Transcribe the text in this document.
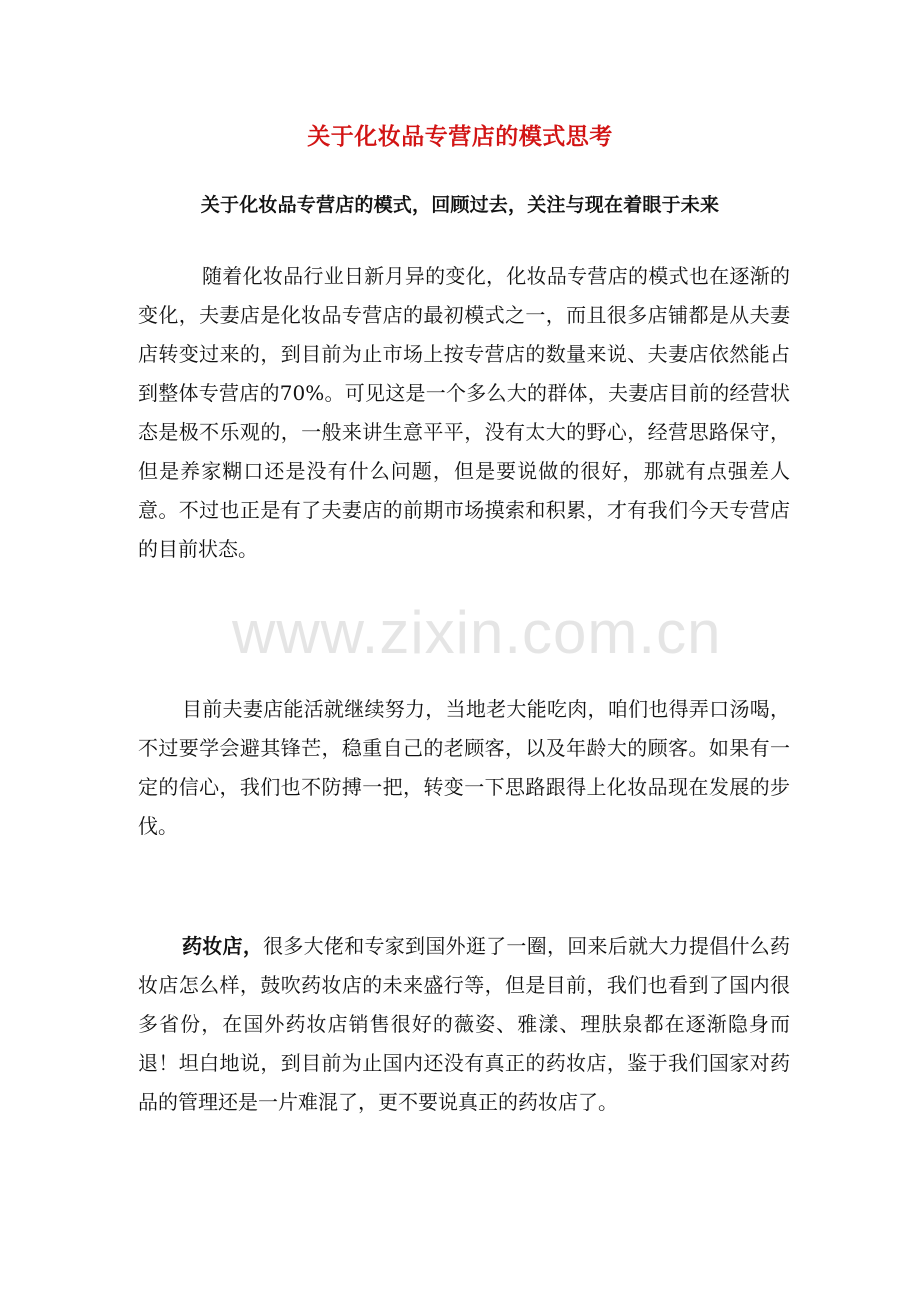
关于化妆品专营店的模式思考
关于化妆品专营店的模式，回顾过去，关注与现在着眼于未来

随着化妆品行业日新月异的变化，化妆品专营店的模式也在逐渐的变化，夫妻店是化妆品专营店的最初模式之一，而且很多店铺都是从夫妻店转变过来的，到目前为止市场上按专营店的数量来说、夫妻店依然能占到整体专营店的70%。可见这是一个多么大的群体，夫妻店目前的经营状态是极不乐观的，一般来讲生意平平，没有太大的野心，经营思路保守，但是养家糊口还是没有什么问题，但是要说做的很好，那就有点强差人意。不过也正是有了夫妻店的前期市场摸索和积累，才有我们今天专营店的目前状态。

目前夫妻店能活就继续努力，当地老大能吃肉，咱们也得弄口汤喝，不过要学会避其锋芒，稳重自己的老顾客，以及年龄大的顾客。如果有一定的信心，我们也不防搏一把，转变一下思路跟得上化妆品现在发展的步伐。

药妆店，很多大佬和专家到国外逛了一圈，回来后就大力提倡什么药妆店怎么样，鼓吹药妆店的未来盛行等，但是目前，我们也看到了国内很多省份，在国外药妆店销售很好的薇姿、雅漾、理肤泉都在逐渐隐身而退！坦白地说，到目前为止国内还没有真正的药妆店，鉴于我们国家对药品的管理还是一片难混了，更不要说真正的药妆店了。

www.zixin.com.cn
